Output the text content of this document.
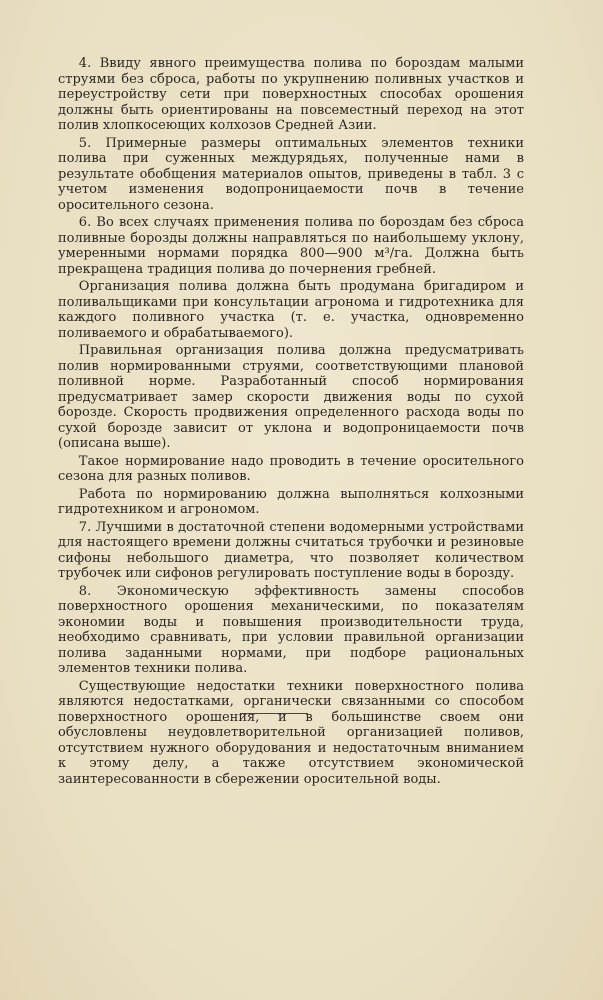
4. Ввиду явного преимущества полива по бороздам малыми струями без сброса, работы по укрупнению поливных участков и переустройству сети при поверхностных способах орошения должны быть ориентированы на повсеместный переход на этот полив хлопкосеющих колхозов Средней Азии.

5. Примерные размеры оптимальных элементов техники полива при суженных междурядьях, полученные нами в результате обобщения материалов опытов, приведены в табл. 3 с учетом изменения водопроницаемости почв в течение оросительного сезона.

6. Во всех случаях применения полива по бороздам без сброса поливные борозды должны направляться по наибольшему уклону, умеренными нормами порядка 800—900 м³/га. Должна быть прекращена традиция полива до почернения гребней.

Организация полива должна быть продумана бригадиром и поливальщиками при консультации агронома и гидротехника для каждого поливного участка (т. е. участка, одновременно поливаемого и обрабатываемого).

Правильная организация полива должна предусматривать полив нормированными струями, соответствующими плановой поливной норме. Разработанный способ нормирования предусматривает замер скорости движения воды по сухой борозде. Скорость продвижения определенного расхода воды по сухой борозде зависит от уклона и водопроницаемости почв (описана выше).

Такое нормирование надо проводить в течение оросительного сезона для разных поливов.

Работа по нормированию должна выполняться колхозными гидротехником и агрономом.

7. Лучшими в достаточной степени водомерными устройствами для настоящего времени должны считаться трубочки и резиновые сифоны небольшого диаметра, что позволяет количеством трубочек или сифонов регулировать поступление воды в борозду.

8. Экономическую эффективность замены способов поверхностного орошения механическими, по показателям экономии воды и повышения производительности труда, необходимо сравнивать, при условии правильной организации полива заданными нормами, при подборе рациональных элементов техники полива.

Существующие недостатки техники поверхностного полива являются недостатками, органически связанными со способом поверхностного орошения, и в большинстве своем они обусловлены неудовлетворительной организацией поливов, отсутствием нужного оборудования и недостаточным вниманием к этому делу, а также отсутствием экономической заинтересованности в сбережении оросительной воды.
